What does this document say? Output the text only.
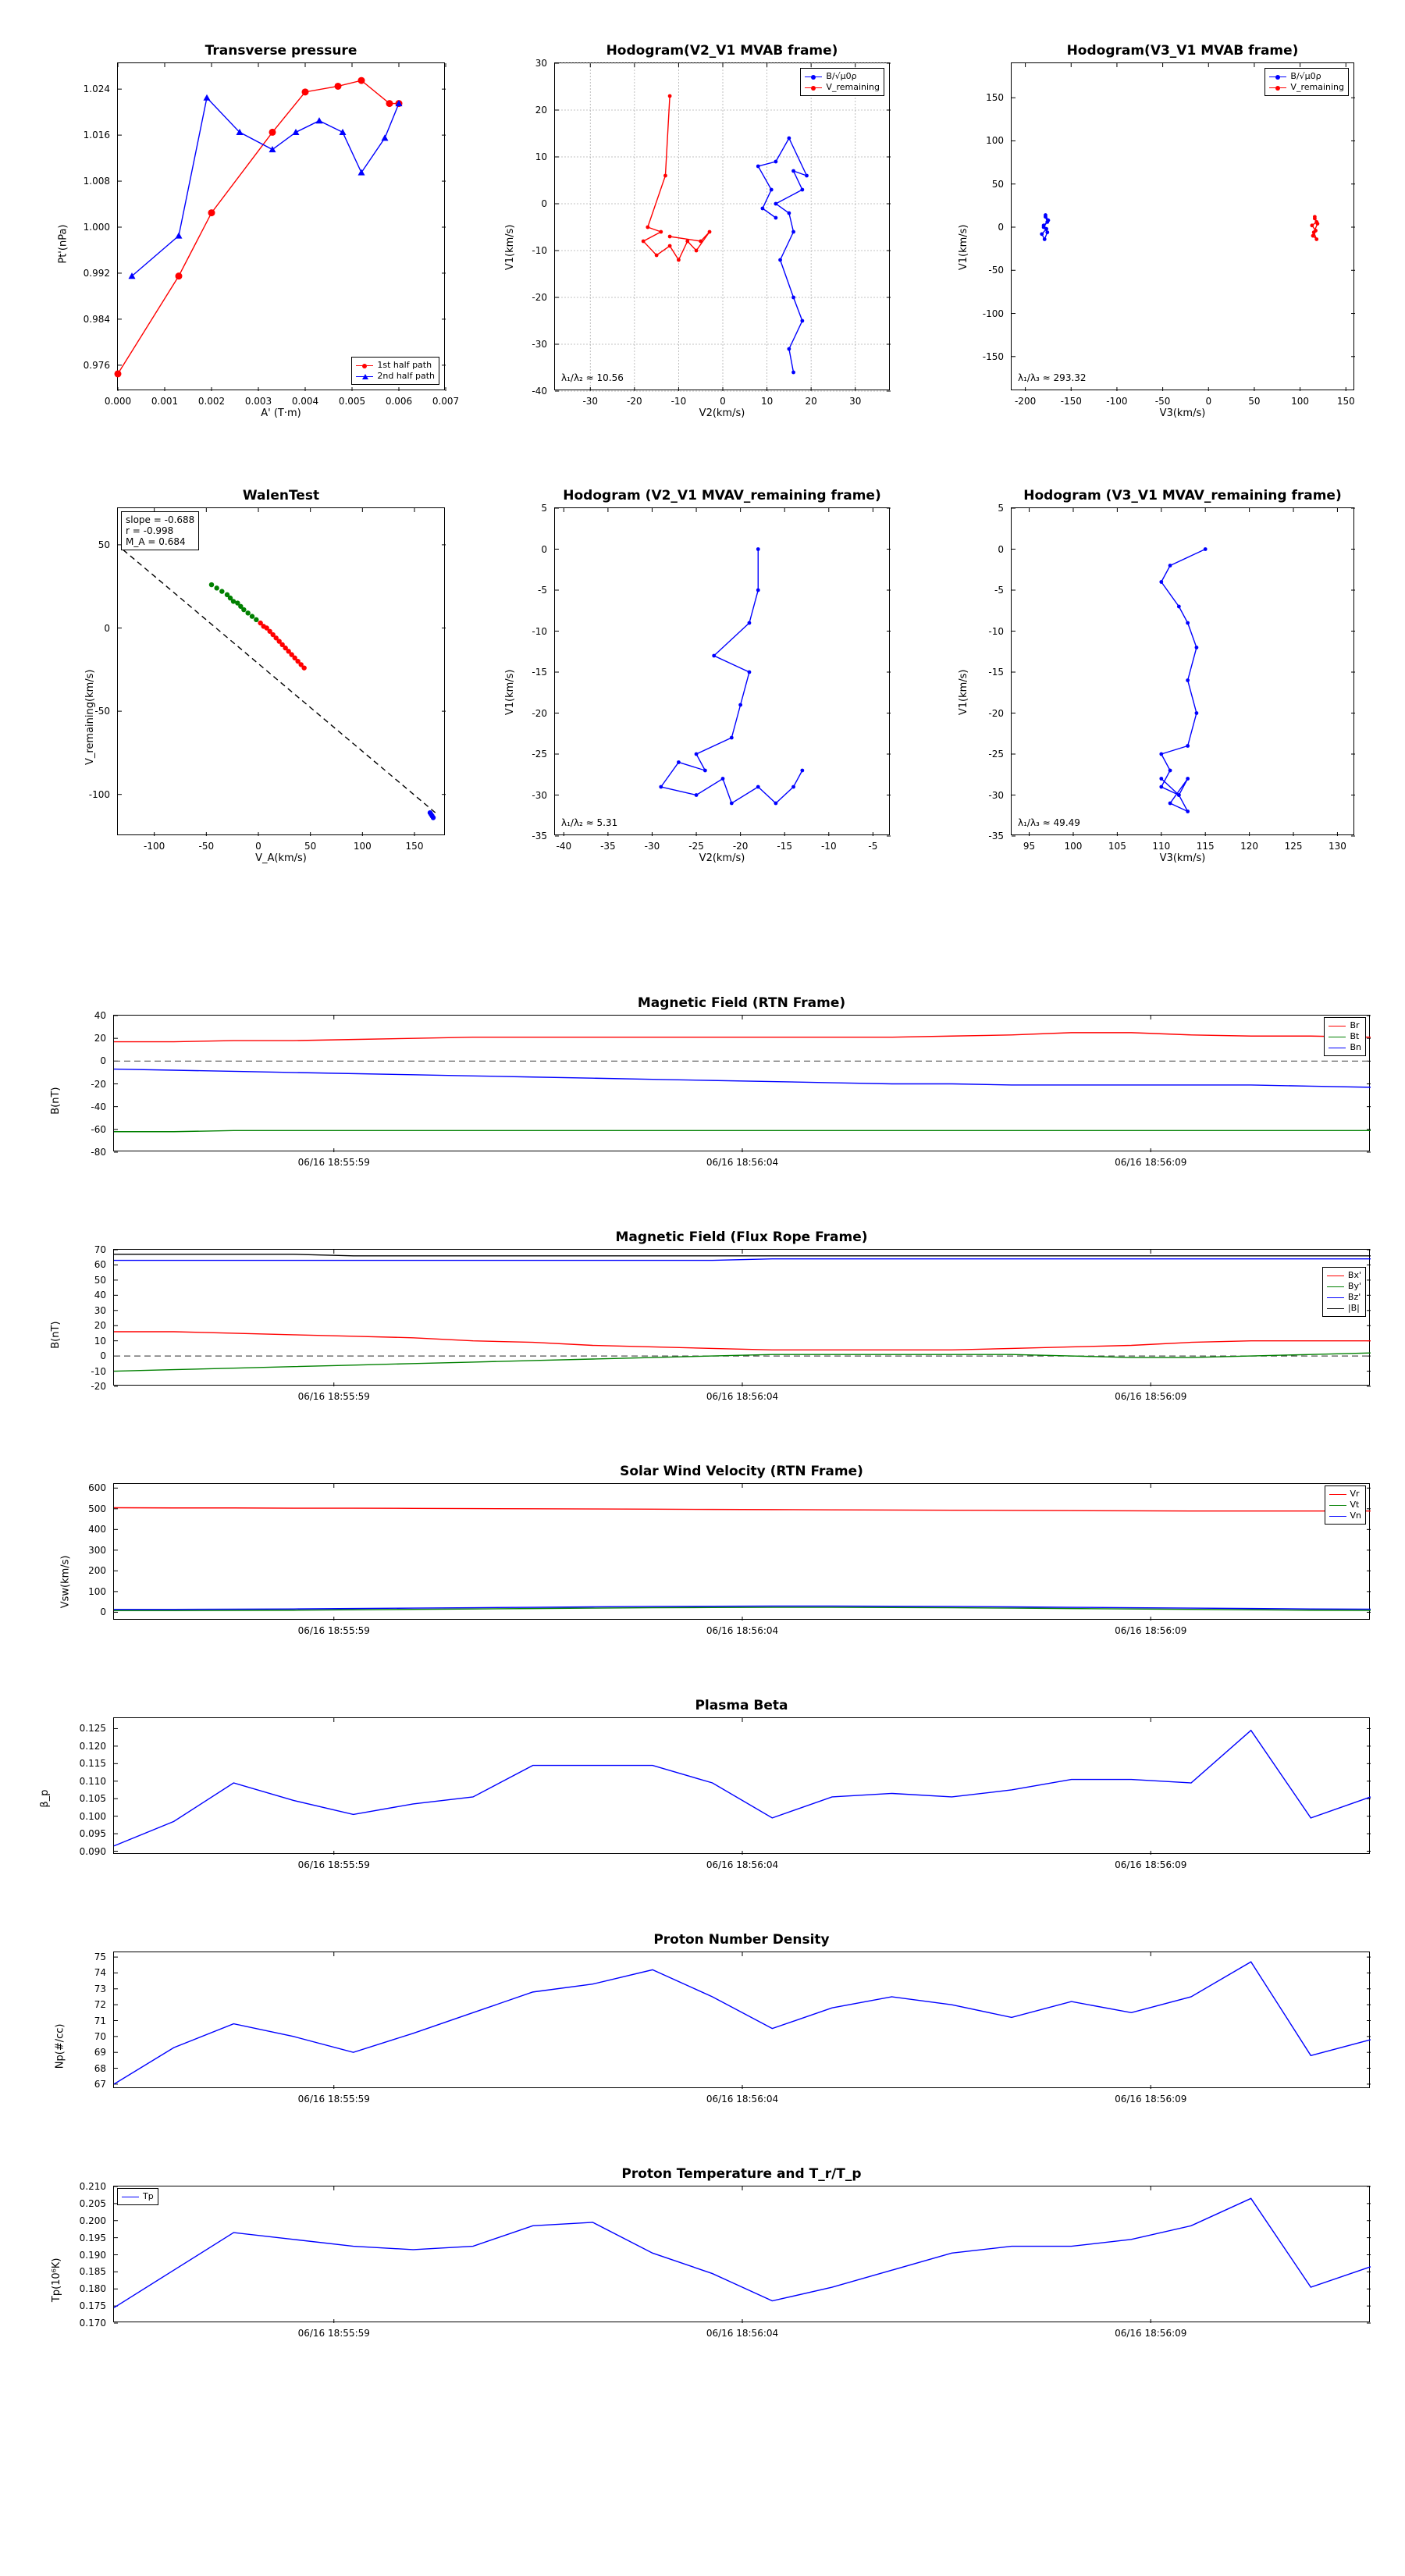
Transverse pressure
1st half path
2nd half path
0.000 0.001 0.002 0.003 0.004 0.005 0.006 0.007
0.976
0.984
0.992
1.000
1.008
1.016
1.024
Pt'(nPa)
A' (T·m)
Hodogram(V2_V1 MVAB frame)
B/√μ0ρ
V_remaining
λ₁/λ₂ ≈ 10.56
-30	-20	-10	0	10	20	30
-40
-30
-20
-10
0
10
20
30
V1(km/s)
V2(km/s)
Hodogram(V3_V1 MVAB frame)
B/√μ0ρ
V_remaining
λ₁/λ₃ ≈ 293.32
-200	-150	-100	-50	0	50	100	150
-150
-100
-50
0
50
100
150
V1(km/s)
V3(km/s)
WalenTest
slope = -0.688
r = -0.998
M_A = 0.684
-100	-50	0	50	100	150
-100
-50
0
50
V_remaining(km/s)
V_A(km/s)
Hodogram (V2_V1 MVAV_remaining frame)
λ₁/λ₂ ≈ 5.31
-40	-35	-30	-25	-20	-15	-10	-5
-35
-30
-25
-20
-15
-10
-5
0
5
V1(km/s)
V2(km/s)
Hodogram (V3_V1 MVAV_remaining frame)
λ₁/λ₃ ≈ 49.49
95	100	105	110	115	120	125	130
-35
-30
-25
-20
-15
-10
-5
0
5
V1(km/s)
V3(km/s)
Magnetic Field (RTN Frame)
Br
Bt
Bn
-80
-60
-40
-20
0
20
40
06/16 18:55:59	06/16 18:56:04	06/16 18:56:09
B(nT)
Magnetic Field (Flux Rope Frame)
Bx'
By'
Bz'
|B|
-20
-10
0
10
20
30
40
50
60
70
06/16 18:55:59	06/16 18:56:04	06/16 18:56:09
B(nT)
Solar Wind Velocity (RTN Frame)
Vr
Vt
Vn
0
100
200
300
400
500
600
06/16 18:55:59	06/16 18:56:04	06/16 18:56:09
Vsw(km/s)
Plasma Beta
0.090
0.095
0.100
0.105
0.110
0.115
0.120
0.125
06/16 18:55:59	06/16 18:56:04	06/16 18:56:09
β_p
Proton Number Density
67
68
69
70
71
72
73
74
75
06/16 18:55:59	06/16 18:56:04	06/16 18:56:09
Np(#/cc)
Proton Temperature and T_r/T_p
Tp
0.170
0.175
0.180
0.185
0.190
0.195
0.200
0.205
0.210
06/16 18:55:59	06/16 18:56:04	06/16 18:56:09
Tp(10⁶K)
